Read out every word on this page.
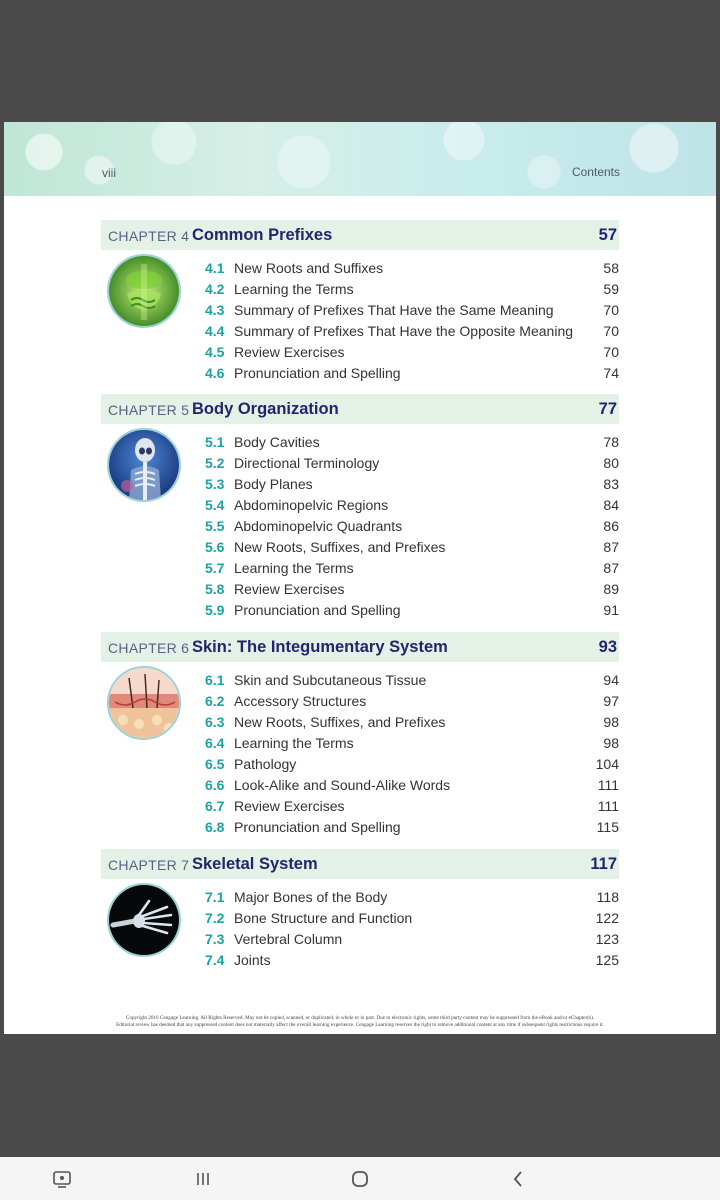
viii	Contents
CHAPTER 4 Common Prefixes	57
4.1 New Roots and Suffixes	58
4.2 Learning the Terms	59
4.3 Summary of Prefixes That Have the Same Meaning	70
4.4 Summary of Prefixes That Have the Opposite Meaning 70
4.5 Review Exercises	70
4.6 Pronunciation and Spelling	74
CHAPTER 5 Body Organization	77
5.1 Body Cavities	78
5.2 Directional Terminology	80
5.3 Body Planes	83
5.4 Abdominopelvic Regions	84
5.5 Abdominopelvic Quadrants	86
5.6 New Roots, Suffixes, and Prefixes	87
5.7 Learning the Terms	87
5.8 Review Exercises	89
5.9 Pronunciation and Spelling	91
CHAPTER 6 Skin: The Integumentary System	93
6.1 Skin and Subcutaneous Tissue	94
6.2 Accessory Structures	97
6.3 New Roots, Suffixes, and Prefixes	98
6.4 Learning the Terms	98
6.5 Pathology	104
6.6 Look-Alike and Sound-Alike Words	111
6.7 Review Exercises	111
6.8 Pronunciation and Spelling	115
CHAPTER 7 Skeletal System	117
7.1 Major Bones of the Body	118
7.2 Bone Structure and Function	122
7.3 Vertebral Column	123
7.4 Joints	125
Copyright 2016 Cengage Learning. All Rights Reserved. May not be copied, scanned, or duplicated, in whole or in part. Due to electronic rights, some third party content may be suppressed from the eBook and/or eChapter(s).
Editorial review has deemed that any suppressed content does not materially affect the overall learning experience. Cengage Learning reserves the right to remove additional content at any time if subsequent rights restrictions require it.
